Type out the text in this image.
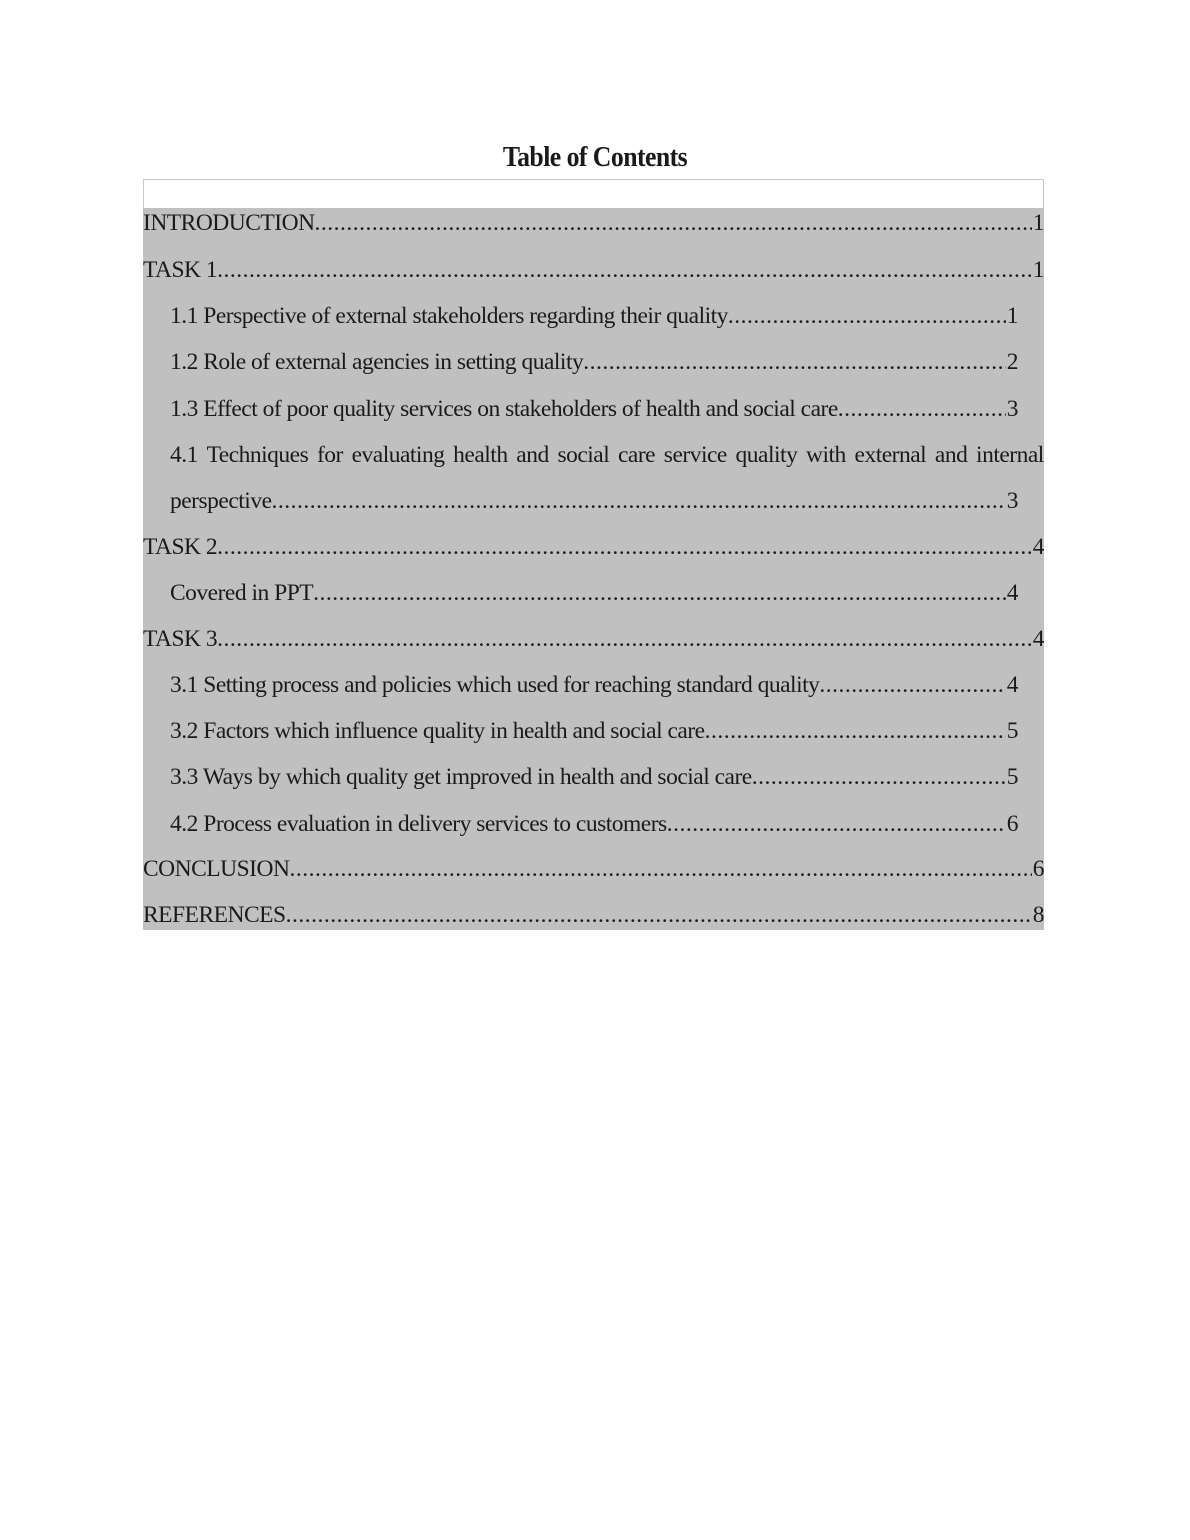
Table of Contents
INTRODUCTION .....	1
TASK 1 .....	1
1.1 Perspective of external stakeholders regarding their quality .....	1
1.2 Role of external agencies in setting quality .....	2
1.3 Effect of poor quality services on stakeholders of health and social care .....	3
4.1 Techniques for evaluating health and social care service quality with external and internal
perspective .....	3
TASK 2 .....	4
Covered in PPT .....	4
TASK 3 .....	4
3.1 Setting process and policies which used for reaching standard quality .....	4
3.2 Factors which influence quality in health and social care .....	5
3.3 Ways by which quality get improved in health and social care .....	5
4.2 Process evaluation in delivery services to customers .....	6
CONCLUSION .....	6
REFERENCES .....	8
